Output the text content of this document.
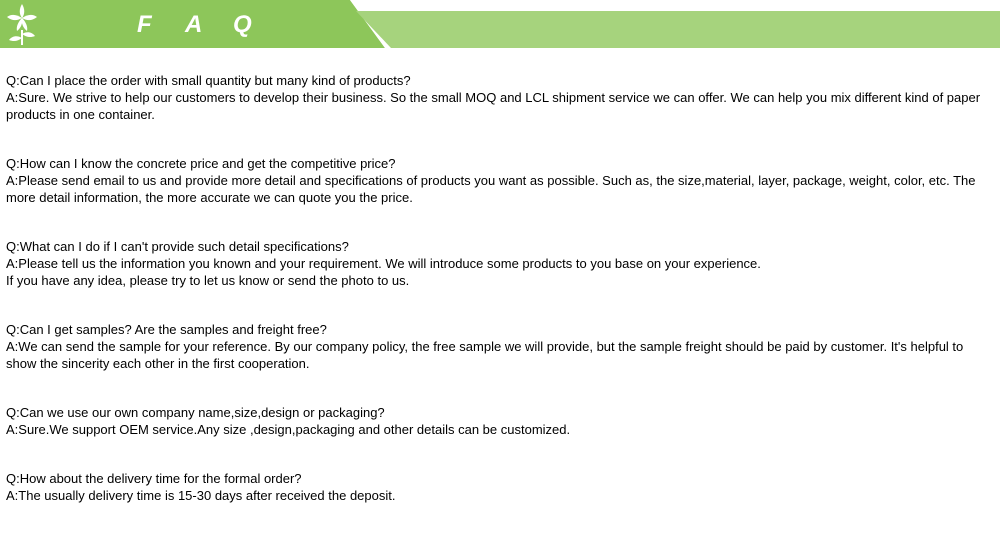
F	A	Q

Q:Can I place the order with small quantity but many kind of products?

A:Sure. We strive to help our customers to develop their business. So the small MOQ and LCL shipment service we can offer. We can help you mix different kind of paper products in one container.

Q:How can I know the concrete price and get the competitive price?

A:Please send email to us and provide more detail and specifications of products you want as possible. Such as, the size,material, layer, package, weight, color, etc. The more detail information, the more accurate we can quote you the price.

Q:What can I do if I can't provide such detail specifications?

A:Please tell us the information you known and your requirement. We will introduce some products to you base on your experience.

If you have any idea, please try to let us know or send the photo to us.

Q:Can I get samples? Are the samples and freight free?

A:We can send the sample for your reference. By our company policy, the free sample we will provide, but the sample freight should be paid by customer. It's helpful to show the sincerity each other in the first cooperation.

Q:Can we use our own company name,size,design or packaging?

A:Sure.We support OEM service.Any size ,design,packaging and other details can be customized.

Q:How about the delivery time for the formal order?

A:The usually delivery time is 15-30 days after received the deposit.
